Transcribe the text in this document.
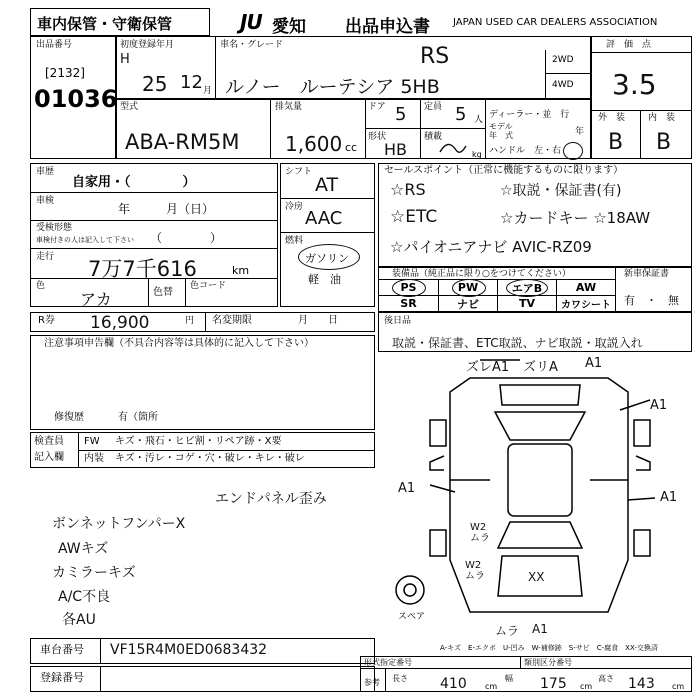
車内保管・守衛保管	JU 愛知 出品申込書 JAPAN USED CAR DEALERS ASSOCIATION
出品番号
[2132]
01036
初度登録年月
H
25 12 月
車名・グレード	RS
ルノー　ルーテシア 5HB
2WD
4WD
評　価　点
3.5
外　装	内　装
B B
型式
ABA-RM5M
排気量
1,600 cc
ドア 5 定員 5 人
形状
HB
積載
kg
ディーラー・並　行
モデル
年　式	年
ハンドル　左・右
車歴
自家用・（　　　　）
車検
年　　　月（日）
受検形態
車検付きの人は記入して下さい （　　　　）
走行 7万7千616	km
色
アカ	色替
色コード
シフト
AT
冷房
AAC
燃料
ガソリン
軽　油
セールスポイント（正常に機能するものに限ります）
☆RS	☆取説・保証書(有)
☆ETC	☆カードキー ☆18AW
☆パイオニアナビ AVIC-RZ09
装備品（純正品に限り○をつけてください）
PS	PW	エアB	AW
SR	ナビ	TV	カワシート
新車保証書
有　・　無
R券 16,900	円 名変期限	月　　日	後日品
取説・保証書、ETC取説、ナビ取説・取説入れ
注意事項申告欄（不具合内容等は具体的に記入して下さい）
修復歴	有（箇所
検査員
記入欄
FW キズ・飛石・ヒビ割・リペア跡・X要
内装 キズ・汚レ・コゲ・穴・破レ・キレ・破レ
エンドパネル歪み
ボンネットフンパーX
AWキズ
カミラーキズ
A/C不良
各AU
ズレA1 ズリA A1
A1
A1
A1
W2 ムラ
W2 ムラ	XX
スペア
ムラ A1
A-キズ　E-エクボ　U-凹み　W-補修跡　S-サビ　C-腐食　XX-交換済
車台番号 VF15R4M0ED0683432
登録番号
形式指定番号	類別区分番号
参考 長さ 410 cm
幅 175 cm
高さ 143 cm
